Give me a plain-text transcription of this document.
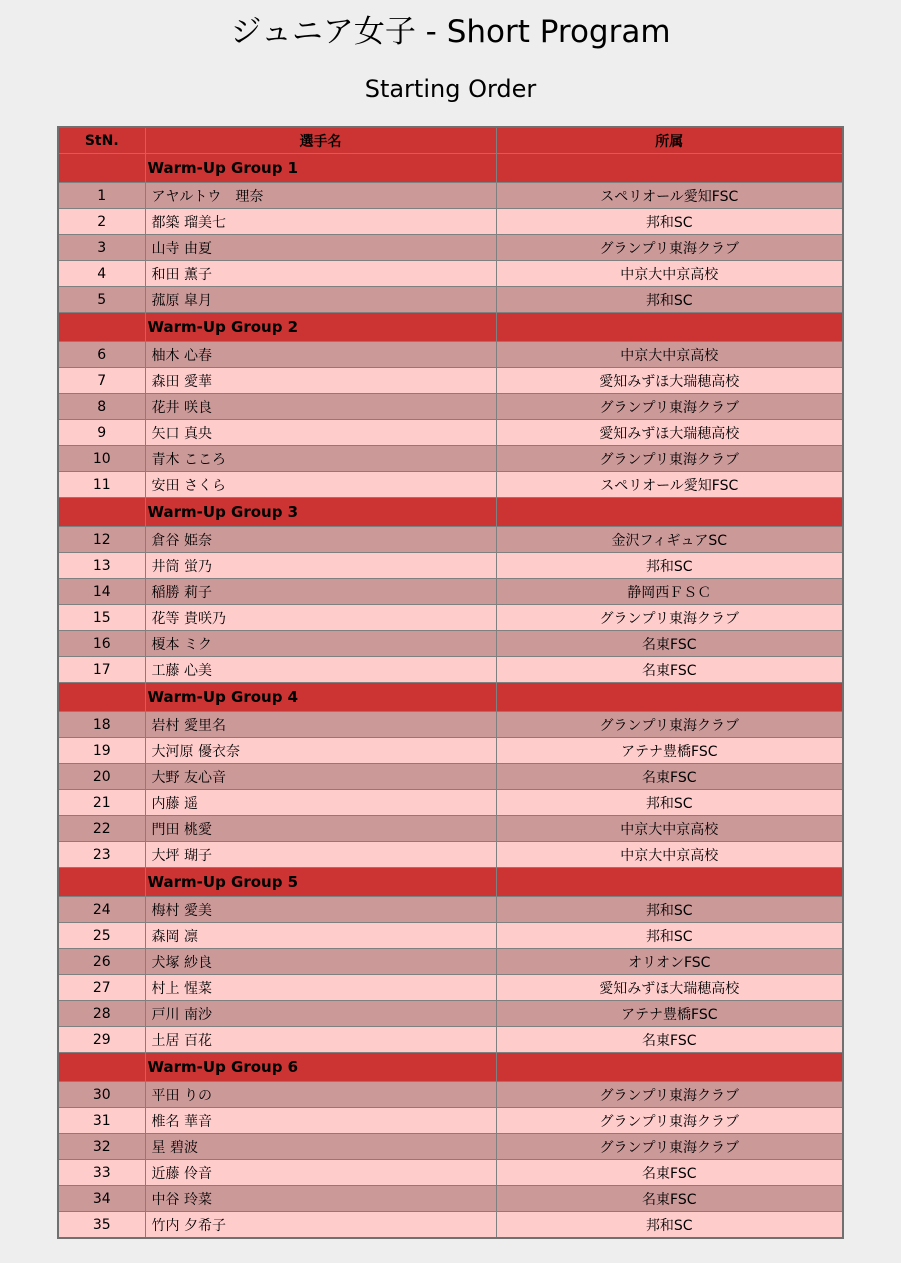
ジュニア女子 - Short Program
Starting Order
StN.	選手名	所属
	Warm-Up Group 1	
1	アヤルトウ　理奈	スペリオール愛知FSC
2	都築 瑠美七	邦和SC
3	山寺 由夏	グランプリ東海クラブ
4	和田 薫子	中京大中京高校
5	菰原 皐月	邦和SC
	Warm-Up Group 2	
6	柚木 心春	中京大中京高校
7	森田 愛華	愛知みずほ大瑞穂高校
8	花井 咲良	グランプリ東海クラブ
9	矢口 真央	愛知みずほ大瑞穂高校
10	青木 こころ	グランプリ東海クラブ
11	安田 さくら	スペリオール愛知FSC
	Warm-Up Group 3	
12	倉谷 姫奈	金沢フィギュアSC
13	井筒 蛍乃	邦和SC
14	稲勝 莉子	静岡西ＦＳＣ
15	花等 貴咲乃	グランプリ東海クラブ
16	榎本 ミク	名東FSC
17	工藤 心美	名東FSC
	Warm-Up Group 4	
18	岩村 愛里名	グランプリ東海クラブ
19	大河原 優衣奈	アテナ豊橋FSC
20	大野 友心音	名東FSC
21	内藤 遥	邦和SC
22	門田 桃愛	中京大中京高校
23	大坪 瑚子	中京大中京高校
	Warm-Up Group 5	
24	梅村 愛美	邦和SC
25	森岡 凛	邦和SC
26	犬塚 紗良	オリオンFSC
27	村上 惺菜	愛知みずほ大瑞穂高校
28	戸川 南沙	アテナ豊橋FSC
29	土居 百花	名東FSC
	Warm-Up Group 6	
30	平田 りの	グランプリ東海クラブ
31	椎名 華音	グランプリ東海クラブ
32	星 碧波	グランプリ東海クラブ
33	近藤 伶音	名東FSC
34	中谷 玲菜	名東FSC
35	竹内 夕希子	邦和SC
